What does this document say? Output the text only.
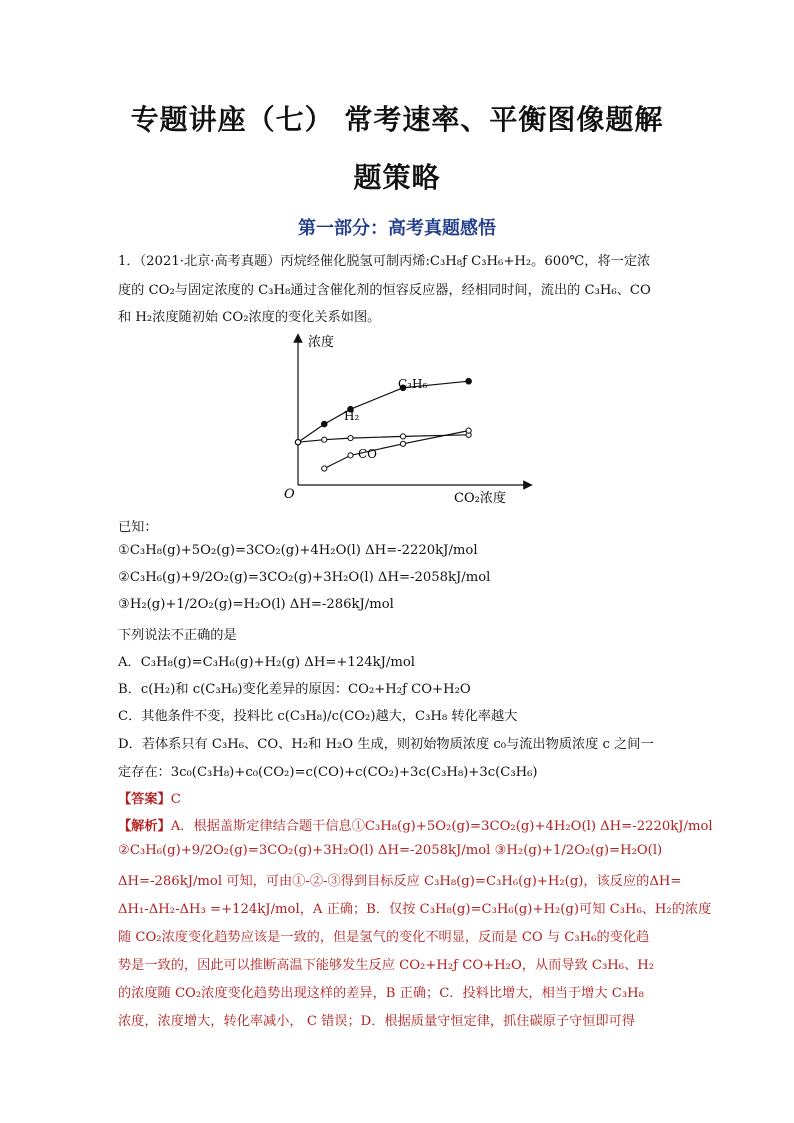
专题讲座（七） 常考速率、平衡图像题解
题策略
第一部分：高考真题感悟
1．（2021·北京·高考真题）丙烷经催化脱氢可制丙烯:C₃H₈ƒ C₃H₆+H₂。600℃，将一定浓
度的 CO₂与固定浓度的 C₃H₈通过含催化剂的恒容反应器，经相同时间，流出的 C₃H₆、CO
和 H₂浓度随初始 CO₂浓度的变化关系如图。
浓度
CO₂浓度
O
C₃H₆
H₂
CO
已知：
①C₃H₈(g)+5O₂(g)=3CO₂(g)+4H₂O(l) ΔH=-2220kJ/mol
②C₃H₆(g)+9/2O₂(g)=3CO₂(g)+3H₂O(l) ΔH=-2058kJ/mol
③H₂(g)+1/2O₂(g)=H₂O(l) ΔH=-286kJ/mol
下列说法不正确的是
A．C₃H₈(g)=C₃H₆(g)+H₂(g) ΔH=+124kJ/mol
B．c(H₂)和 c(C₃H₆)变化差异的原因：CO₂+H₂ƒ CO+H₂O
C．其他条件不变，投料比 c(C₃H₈)/c(CO₂)越大，C₃H₈ 转化率越大
D．若体系只有 C₃H₆、CO、H₂和 H₂O 生成，则初始物质浓度 c₀与流出物质浓度 c 之间一
定存在：3c₀(C₃H₈)+c₀(CO₂)=c(CO)+c(CO₂)+3c(C₃H₈)+3c(C₃H₆)
【答案】C
【解析】A．根据盖斯定律结合题干信息①C₃H₈(g)+5O₂(g)=3CO₂(g)+4H₂O(l) ΔH=-2220kJ/mol
②C₃H₆(g)+9/2O₂(g)=3CO₂(g)+3H₂O(l) ΔH=-2058kJ/mol ③H₂(g)+1/2O₂(g)=H₂O(l)
ΔH=-286kJ/mol 可知，可由①-②-③得到目标反应 C₃H₈(g)=C₃H₆(g)+H₂(g)，该反应的ΔH=
ΔH₁-ΔH₂-ΔH₃ =+124kJ/mol，A 正确；B．仅按 C₃H₈(g)=C₃H₆(g)+H₂(g)可知 C₃H₆、H₂的浓度
随 CO₂浓度变化趋势应该是一致的，但是氢气的变化不明显，反而是 CO 与 C₃H₆的变化趋
势是一致的，因此可以推断高温下能够发生反应 CO₂+H₂ƒ CO+H₂O，从而导致 C₃H₆、H₂
的浓度随 CO₂浓度变化趋势出现这样的差异，B 正确；C．投料比增大，相当于增大 C₃H₈
浓度，浓度增大，转化率减小， C 错误；D．根据质量守恒定律，抓住碳原子守恒即可得
